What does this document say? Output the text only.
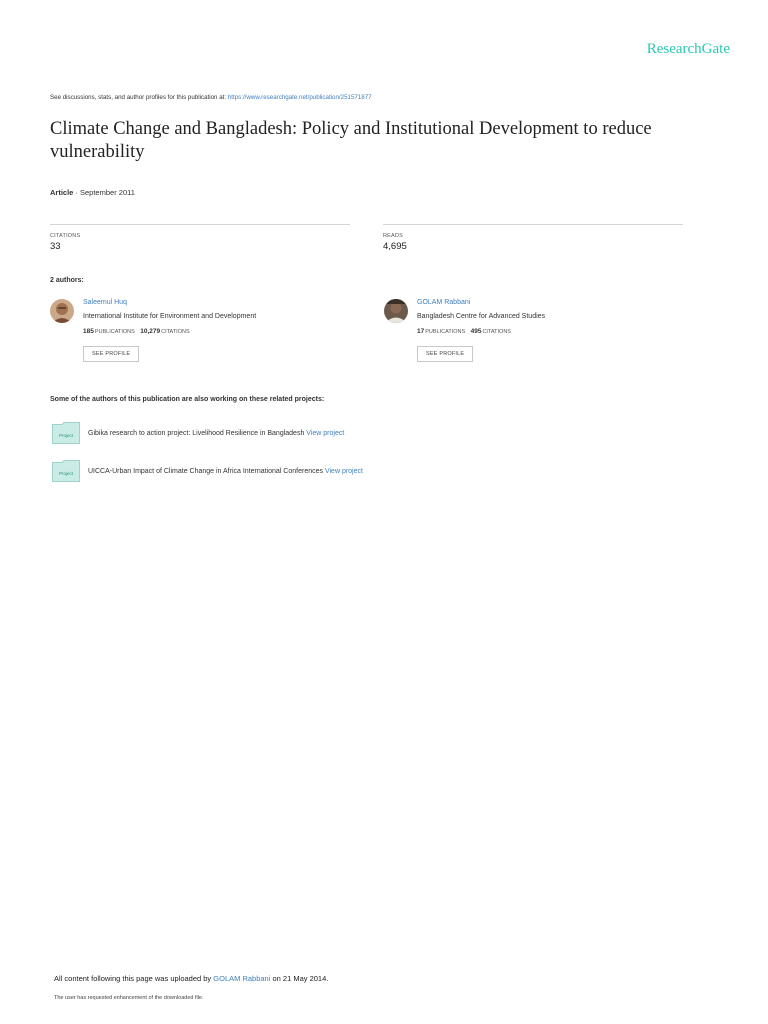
ResearchGate
See discussions, stats, and author profiles for this publication at: https://www.researchgate.net/publication/251571877
Climate Change and Bangladesh: Policy and Institutional Development to reduce vulnerability
Article · September 2011
CITATIONS
33
READS
4,695
2 authors:
Saleemul Huq
International Institute for Environment and Development
185PUBLICATIONS 10,279CITATIONS
SEE PROFILE
GOLAM Rabbani
Bangladesh Centre for Advanced Studies
17PUBLICATIONS 495CITATIONS
SEE PROFILE
Some of the authors of this publication are also working on these related projects:
Project Gibika research to action project: Livelihood Resilience in Bangladesh View project
Project UICCA-Urban Impact of Climate Change in Africa International Conferences View project
All content following this page was uploaded by GOLAM Rabbani on 21 May 2014.
The user has requested enhancement of the downloaded file.
